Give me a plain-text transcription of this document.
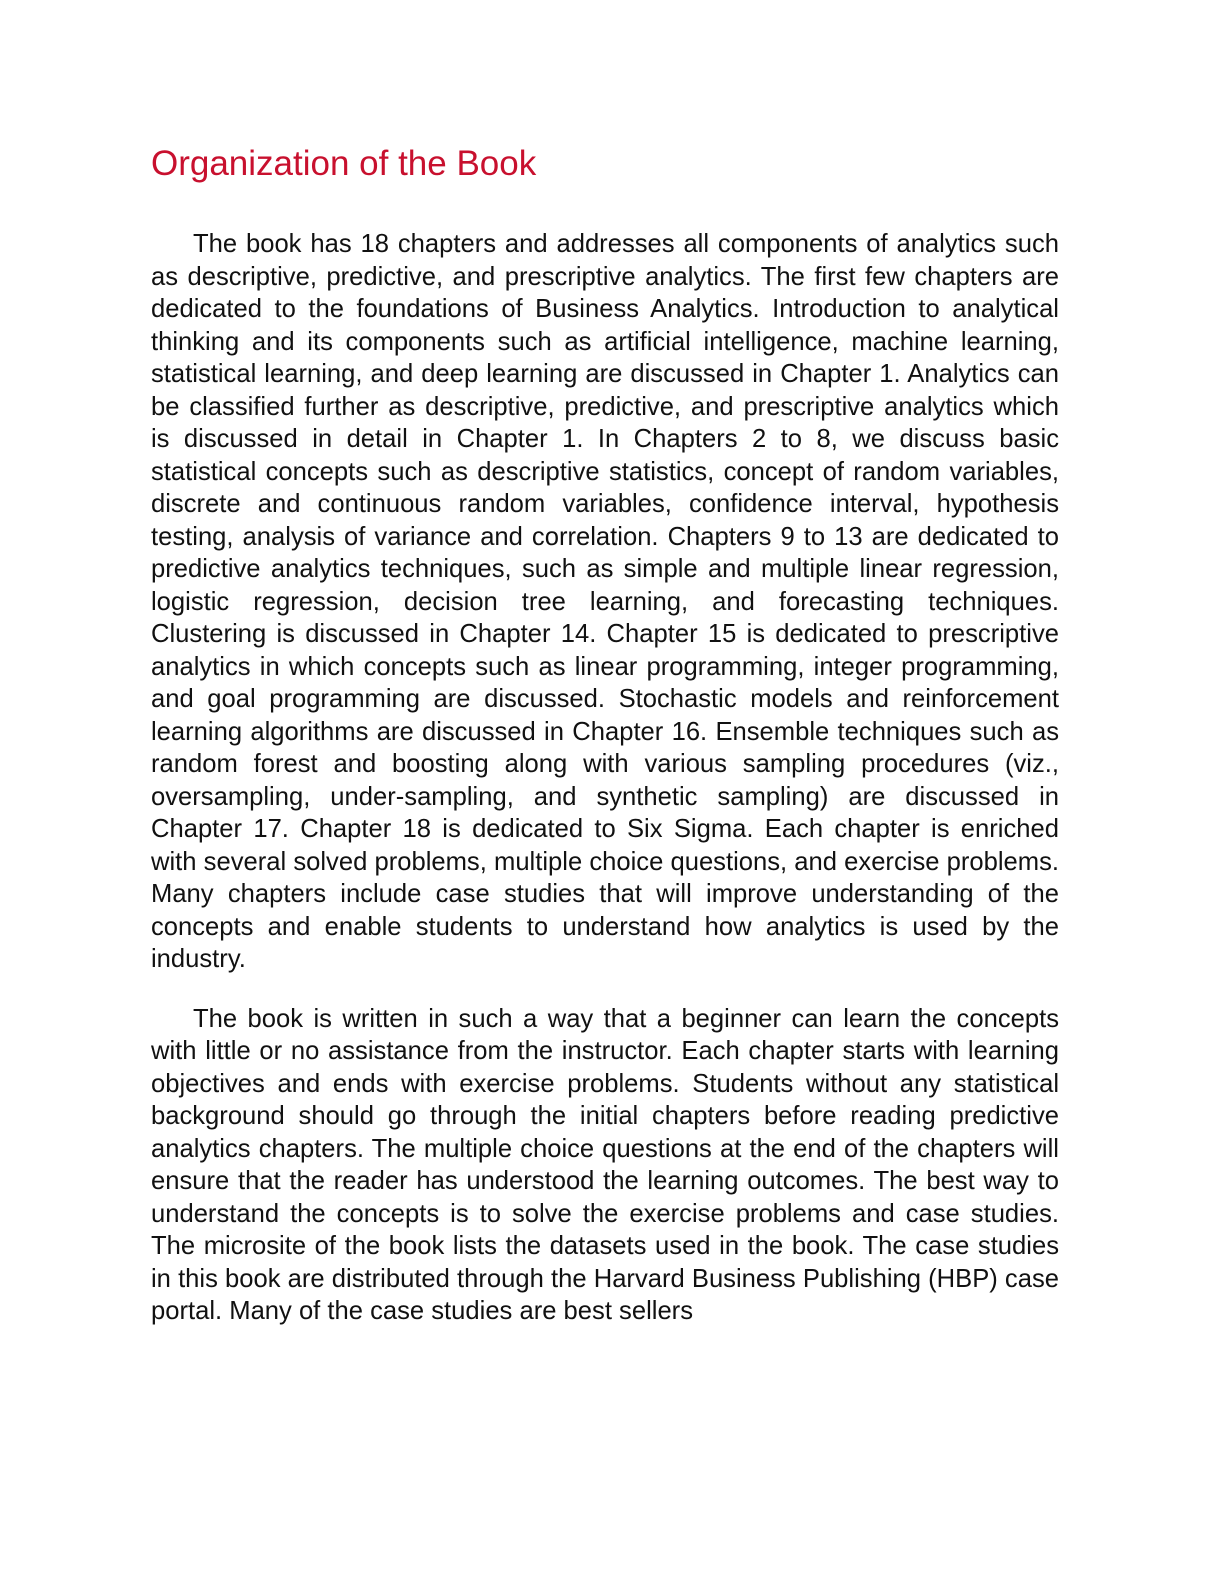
Organization of the Book

The book has 18 chapters and addresses all components of analytics such as descriptive, predictive, and prescriptive analytics. The first few chapters are dedicated to the foundations of Business Analytics. Introduction to analytical thinking and its components such as artificial intelligence, machine learning, statistical learning, and deep learning are discussed in Chapter 1. Analytics can be classified further as descriptive, predictive, and prescriptive analytics which is discussed in detail in Chapter 1. In Chapters 2 to 8, we discuss basic statistical concepts such as descriptive statistics, concept of random variables, discrete and continuous random variables, confidence interval, hypothesis testing, analysis of variance and correlation. Chapters 9 to 13 are dedicated to predictive analytics techniques, such as simple and multiple linear regression, logistic regression, decision tree learning, and forecasting techniques. Clustering is discussed in Chapter 14. Chapter 15 is dedicated to prescriptive analytics in which concepts such as linear programming, integer programming, and goal programming are discussed. Stochastic models and reinforcement learning algorithms are discussed in Chapter 16. Ensemble techniques such as random forest and boosting along with various sampling procedures (viz., oversampling, under-sampling, and synthetic sampling) are discussed in Chapter 17. Chapter 18 is dedicated to Six Sigma. Each chapter is enriched with several solved problems, multiple choice questions, and exercise problems. Many chapters include case studies that will improve understanding of the concepts and enable students to understand how analytics is used by the industry.

The book is written in such a way that a beginner can learn the concepts with little or no assistance from the instructor. Each chapter starts with learning objectives and ends with exercise problems. Students without any statistical background should go through the initial chapters before reading predictive analytics chapters. The multiple choice questions at the end of the chapters will ensure that the reader has understood the learning outcomes. The best way to understand the concepts is to solve the exercise problems and case studies. The microsite of the book lists the datasets used in the book. The case studies in this book are distributed through the Harvard Business Publishing (HBP) case portal. Many of the case studies are best sellers
